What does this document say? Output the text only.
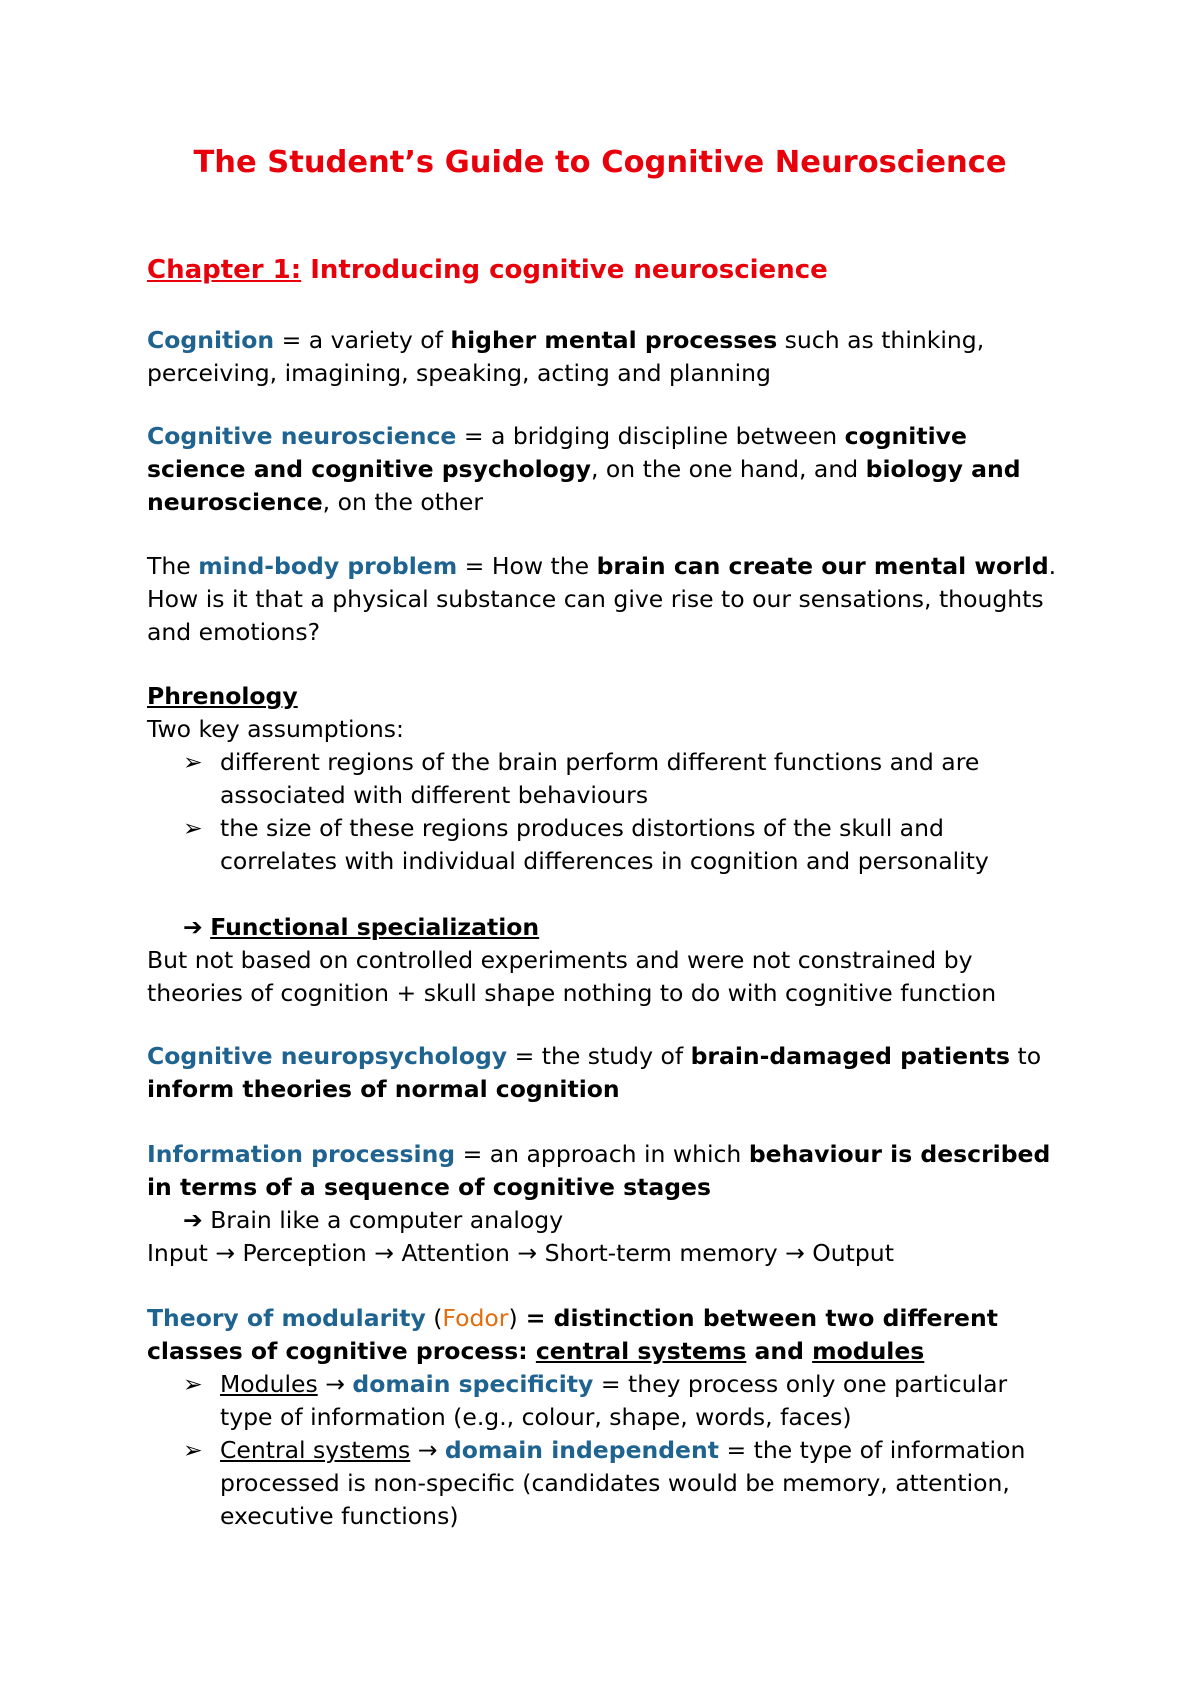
The Student’s Guide to Cognitive Neuroscience
Chapter 1: Introducing cognitive neuroscience

Cognition = a variety of higher mental processes such as thinking, perceiving, imagining, speaking, acting and planning

Cognitive neuroscience = a bridging discipline between cognitive science and cognitive psychology, on the one hand, and biology and neuroscience, on the other

The mind-body problem = How the brain can create our mental world. How is it that a physical substance can give rise to our sensations, thoughts and emotions?

Phrenology

Two key assumptions:

➢ different regions of the brain perform different functions and are associated with different behaviours
➢ the size of these regions produces distortions of the skull and correlates with individual differences in cognition and personality

➔ Functional specialization

But not based on controlled experiments and were not constrained by theories of cognition + skull shape nothing to do with cognitive function

Cognitive neuropsychology = the study of brain-damaged patients to inform theories of normal cognition

Information processing = an approach in which behaviour is described in terms of a sequence of cognitive stages

➔ Brain like a computer analogy

Input → Perception → Attention → Short-term memory → Output

Theory of modularity (Fodor) = distinction between two different classes of cognitive process: central systems and modules

➢ Modules → domain specificity = they process only one particular type of information (e.g., colour, shape, words, faces)
➢ Central systems → domain independent = the type of information processed is non-specific (candidates would be memory, attention, executive functions)
